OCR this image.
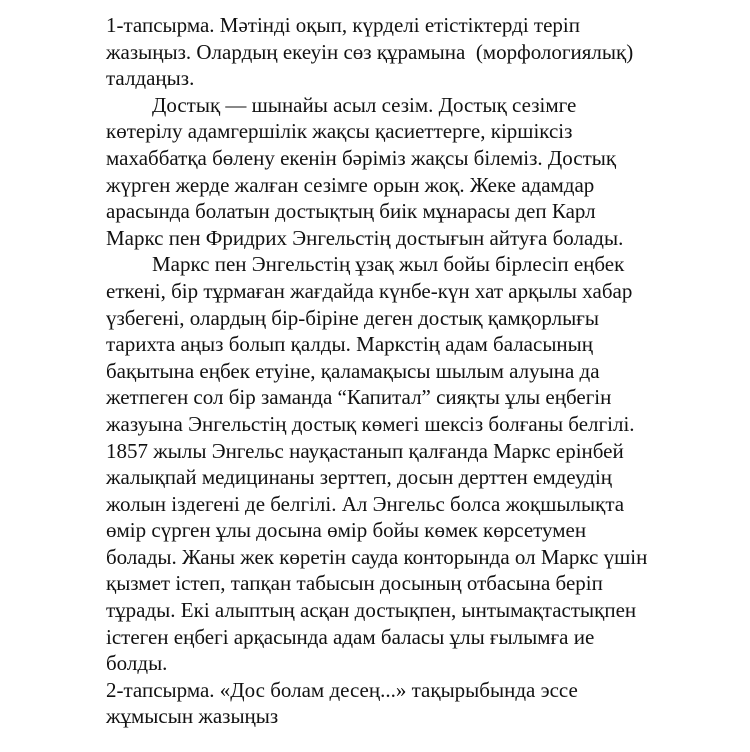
1-тапсырма. Мәтінді оқып, күрделі етістіктерді теріп
жазыңыз. Олардың екеуін сөз құрамына  (морфологиялық)
талдаңыз.
Достық — шынайы асыл сезім. Достық сезімге
көтерілу адамгершілік жақсы қасиеттерге, кіршіксіз
махаббатқа бөлену екенін бәріміз жақсы білеміз. Достық
жүрген жерде жалған сезімге орын жоқ. Жеке адамдар
арасында болатын достықтың биік мұнарасы деп Карл
Маркс пен Фридрих Энгельстің достығын айтуға болады.
Маркс пен Энгельстің ұзақ жыл бойы бірлесіп еңбек
еткені, бір тұрмаған жағдайда күнбе-күн хат арқылы хабар
үзбегені, олардың бір-біріне деген достық қамқорлығы
тарихта аңыз болып қалды. Маркстің адам баласының
бақытына еңбек етуіне, қаламақысы шылым алуына да
жетпеген сол бір заманда “Капитал” сияқты ұлы еңбегін
жазуына Энгельстің достық көмегі шексіз болғаны белгілі.
1857 жылы Энгельс науқастанып қалғанда Маркс ерінбей
жалықпай медицинаны зерттеп, досын дерттен емдеудің
жолын іздегені де белгілі. Ал Энгельс болса жоқшылықта
өмір сүрген ұлы досына өмір бойы көмек көрсетумен
болады. Жаны жек көретін сауда конторында ол Маркс үшін
қызмет істеп, тапқан табысын досының отбасына беріп
тұрады. Екі алыптың асқан достықпен, ынтымақтастықпен
істеген еңбегі арқасында адам баласы ұлы ғылымға ие
болды.
2-тапсырма. «Дос болам десең...» тақырыбында эссе
жұмысын жазыңыз
